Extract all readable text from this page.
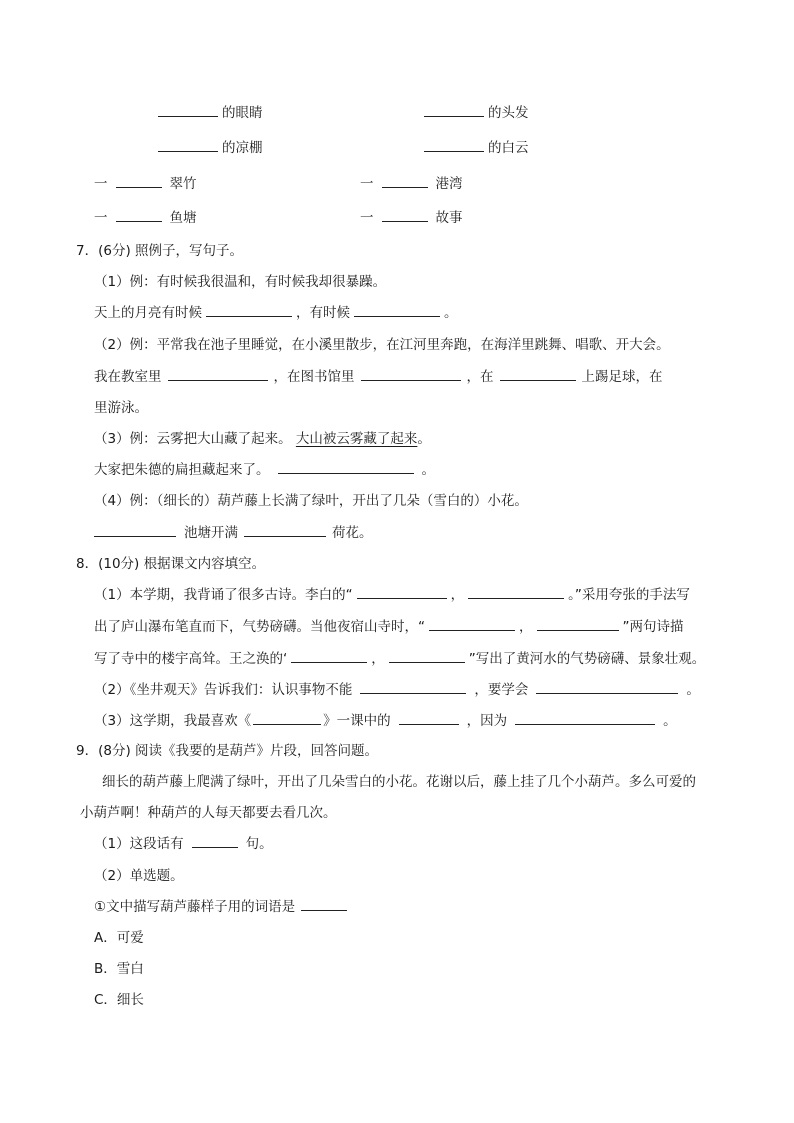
的眼睛	的头发
的凉棚	的白云
一	翠竹	一	港湾
一	鱼塘	一	故事
7．(6分) 照例子，写句子。
（1）例：有时候我很温和，有时候我却很暴躁。
天上的月亮有时候	，有时候	。
（2）例：平常我在池子里睡觉，在小溪里散步，在江河里奔跑，在海洋里跳舞、唱歌、开大会。
我在教室里	，在图书馆里	，在	上踢足球，在
里游泳。
（3）例：云雾把大山藏了起来。 大山被云雾藏了起来。
大家把朱德的扁担藏起来了。	。
（4）例：（细长的）葫芦藤上长满了绿叶，开出了几朵（雪白的）小花。
池塘开满	荷花。
8．(10分) 根据课文内容填空。
（1）本学期，我背诵了很多古诗。李白的“	，	。”采用夸张的手法写
出了庐山瀑布笔直而下，气势磅礴。当他夜宿山寺时，“	，	”两句诗描
写了寺中的楼宇高耸。王之涣的‘	，	”写出了黄河水的气势磅礴、景象壮观。
（2）《坐井观天》告诉我们：认识事物不能	，要学会	。
（3）这学期，我最喜欢《	》一课中的	，因为	。
9．(8分) 阅读《我要的是葫芦》片段，回答问题。
细长的葫芦藤上爬满了绿叶，开出了几朵雪白的小花。花谢以后，藤上挂了几个小葫芦。多么可爱的
小葫芦啊！种葫芦的人每天都要去看几次。
（1）这段话有	句。
（2）单选题。
①文中描写葫芦藤样子用的词语是
A．可爱
B．雪白
C．细长
